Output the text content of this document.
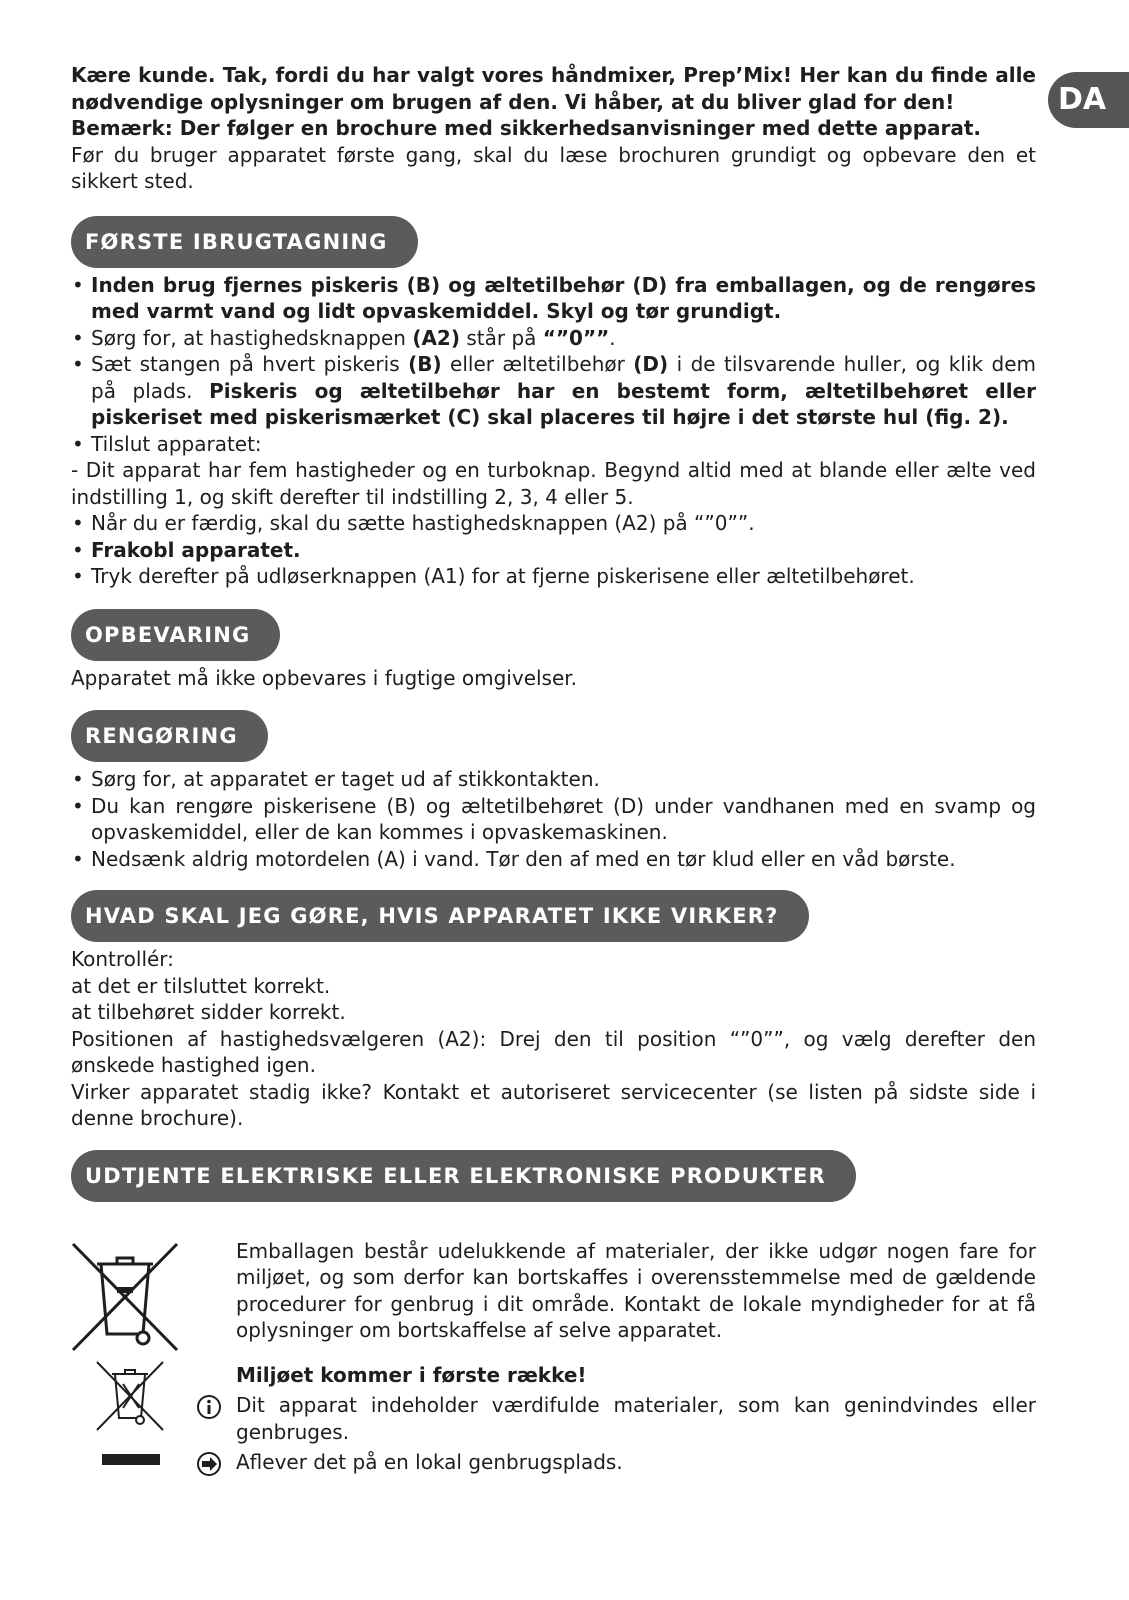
DA

Kære kunde. Tak, fordi du har valgt vores håndmixer, Prep’Mix! Her kan du finde alle nødvendige oplysninger om brugen af den. Vi håber, at du bliver glad for den!

Bemærk: Der følger en brochure med sikkerhedsanvisninger med dette apparat.

Før du bruger apparatet første gang, skal du læse brochuren grundigt og opbevare den et sikkert sted.

FØRSTE IBRUGTAGNING
• Inden brug fjernes piskeris (B) og æltetilbehør (D) fra emballagen, og de rengøres med varmt vand og lidt opvaskemiddel. Skyl og tør grundigt.
• Sørg for, at hastighedsknappen (A2) står på “”0””.
• Sæt stangen på hvert piskeris (B) eller æltetilbehør (D) i de tilsvarende huller, og klik dem på plads. Piskeris og æltetilbehør har en bestemt form, æltetilbehøret eller piskeriset med piskerismærket (C) skal placeres til højre i det største hul (fig. 2).
• Tilslut apparatet:

- Dit apparat har fem hastigheder og en turboknap. Begynd altid med at blande eller ælte ved indstilling 1, og skift derefter til indstilling 2, 3, 4 eller 5.

• Når du er færdig, skal du sætte hastighedsknappen (A2) på “”0””.
• Frakobl apparatet.
• Tryk derefter på udløserknappen (A1) for at fjerne piskerisene eller æltetilbehøret.
OPBEVARING

Apparatet må ikke opbevares i fugtige omgivelser.

RENGØRING
• Sørg for, at apparatet er taget ud af stikkontakten.
• Du kan rengøre piskerisene (B) og æltetilbehøret (D) under vandhanen med en svamp og opvaskemiddel, eller de kan kommes i opvaskemaskinen.
• Nedsænk aldrig motordelen (A) i vand. Tør den af med en tør klud eller en våd børste.
HVAD SKAL JEG GØRE, HVIS APPARATET IKKE VIRKER?

Kontrollér:

at det er tilsluttet korrekt.

at tilbehøret sidder korrekt.

Positionen af hastighedsvælgeren (A2): Drej den til position “”0””, og vælg derefter den ønskede hastighed igen.

Virker apparatet stadig ikke? Kontakt et autoriseret servicecenter (se listen på sidste side i denne brochure).

UDTJENTE ELEKTRISKE ELLER ELEKTRONISKE PRODUKTER

Emballagen består udelukkende af materialer, der ikke udgør nogen fare for miljøet, og som derfor kan bortskaffes i overensstemmelse med de gældende procedurer for genbrug i dit område. Kontakt de lokale myndigheder for at få oplysninger om bortskaffelse af selve apparatet.

Miljøet kommer i første række!

Dit apparat indeholder værdifulde materialer, som kan genindvindes eller genbruges.

Aflever det på en lokal genbrugsplads.
